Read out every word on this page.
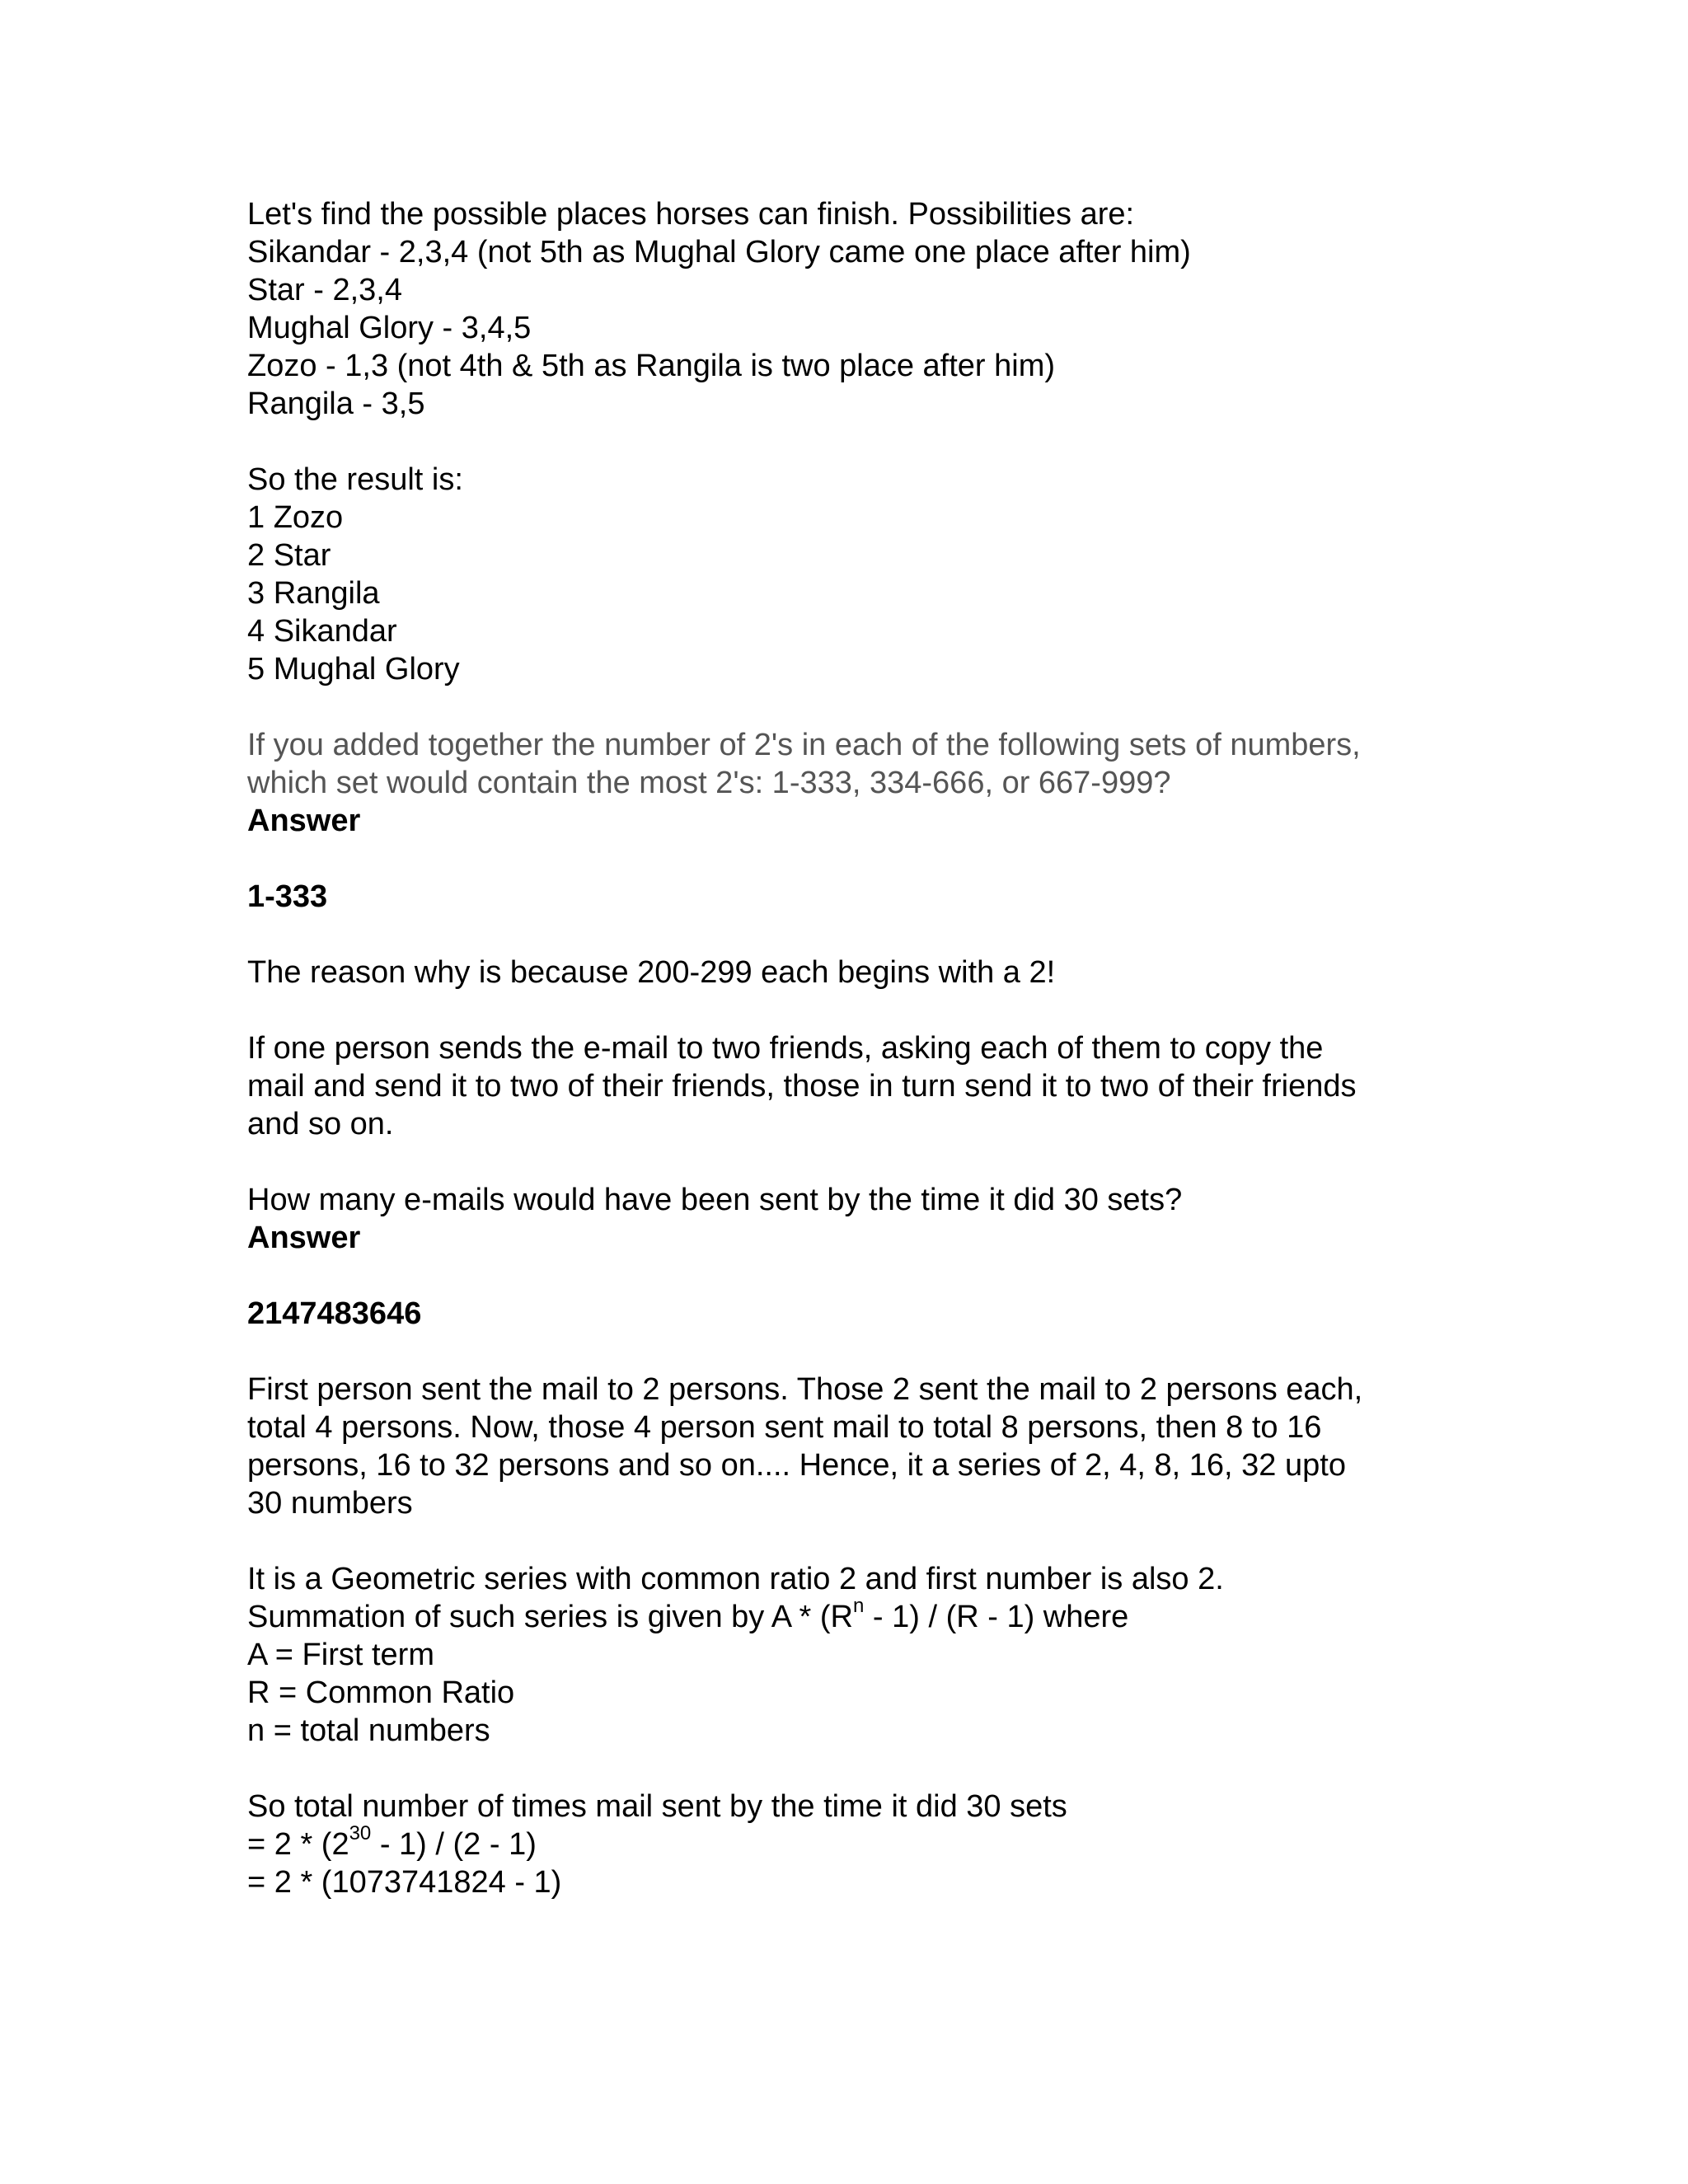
Let's find the possible places horses can finish. Possibilities are:
Sikandar - 2,3,4 (not 5th as Mughal Glory came one place after him)
Star - 2,3,4
Mughal Glory - 3,4,5
Zozo - 1,3 (not 4th & 5th as Rangila is two place after him)
Rangila - 3,5
So the result is:
1 Zozo
2 Star
3 Rangila
4 Sikandar
5 Mughal Glory
If you added together the number of 2's in each of the following sets of numbers,
which set would contain the most 2's: 1-333, 334-666, or 667-999?
Answer
1-333
The reason why is because 200-299 each begins with a 2!
If one person sends the e-mail to two friends, asking each of them to copy the
mail and send it to two of their friends, those in turn send it to two of their friends
and so on.
How many e-mails would have been sent by the time it did 30 sets?
Answer
2147483646
First person sent the mail to 2 persons. Those 2 sent the mail to 2 persons each,
total 4 persons. Now, those 4 person sent mail to total 8 persons, then 8 to 16
persons, 16 to 32 persons and so on.... Hence, it a series of 2, 4, 8, 16, 32 upto
30 numbers
It is a Geometric series with common ratio 2 and first number is also 2.
Summation of such series is given by A * $(R^n - 1) / (R - 1)$ where
A = First term
R = Common Ratio
n = total numbers
So total number of times mail sent by the time it did 30 sets
= $2 * (2^{30} - 1) / (2 - 1)$
= 2 * (1073741824 - 1)
